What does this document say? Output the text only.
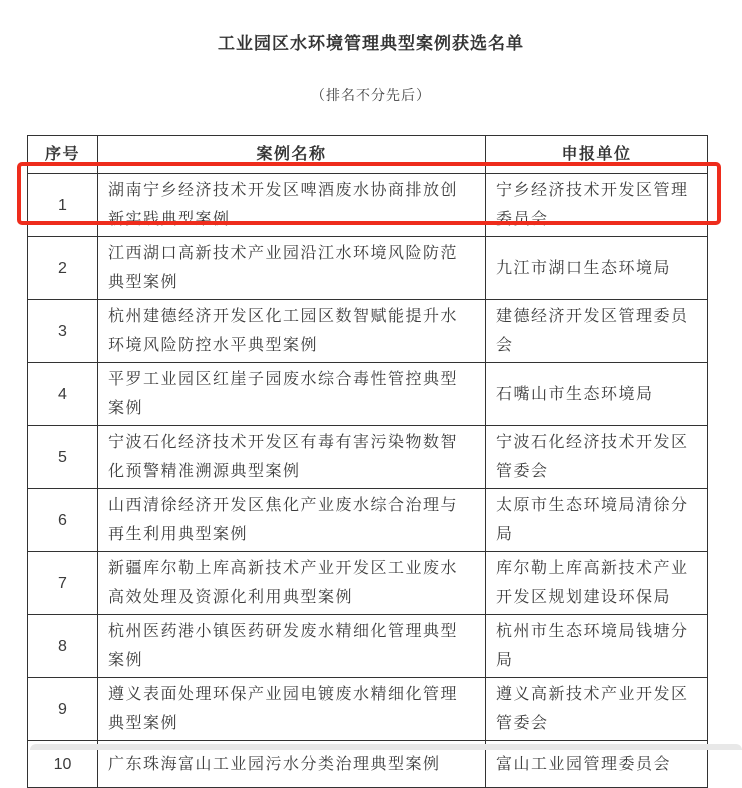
工业园区水环境管理典型案例获选名单
（排名不分先后）
序号	案例名称	申报单位
1	湖南宁乡经济技术开发区啤酒废水协商排放创新实践典型案例	宁乡经济技术开发区管理委员会
2	江西湖口高新技术产业园沿江水环境风险防范典型案例	九江市湖口生态环境局
3	杭州建德经济开发区化工园区数智赋能提升水环境风险防控水平典型案例	建德经济开发区管理委员会
4	平罗工业园区红崖子园废水综合毒性管控典型案例	石嘴山市生态环境局
5	宁波石化经济技术开发区有毒有害污染物数智化预警精准溯源典型案例	宁波石化经济技术开发区管委会
6	山西清徐经济开发区焦化产业废水综合治理与再生利用典型案例	太原市生态环境局清徐分局
7	新疆库尔勒上库高新技术产业开发区工业废水高效处理及资源化利用典型案例	库尔勒上库高新技术产业开发区规划建设环保局
8	杭州医药港小镇医药研发废水精细化管理典型案例	杭州市生态环境局钱塘分局
9	遵义表面处理环保产业园电镀废水精细化管理典型案例	遵义高新技术产业开发区管委会
10	广东珠海富山工业园污水分类治理典型案例	富山工业园管理委员会
